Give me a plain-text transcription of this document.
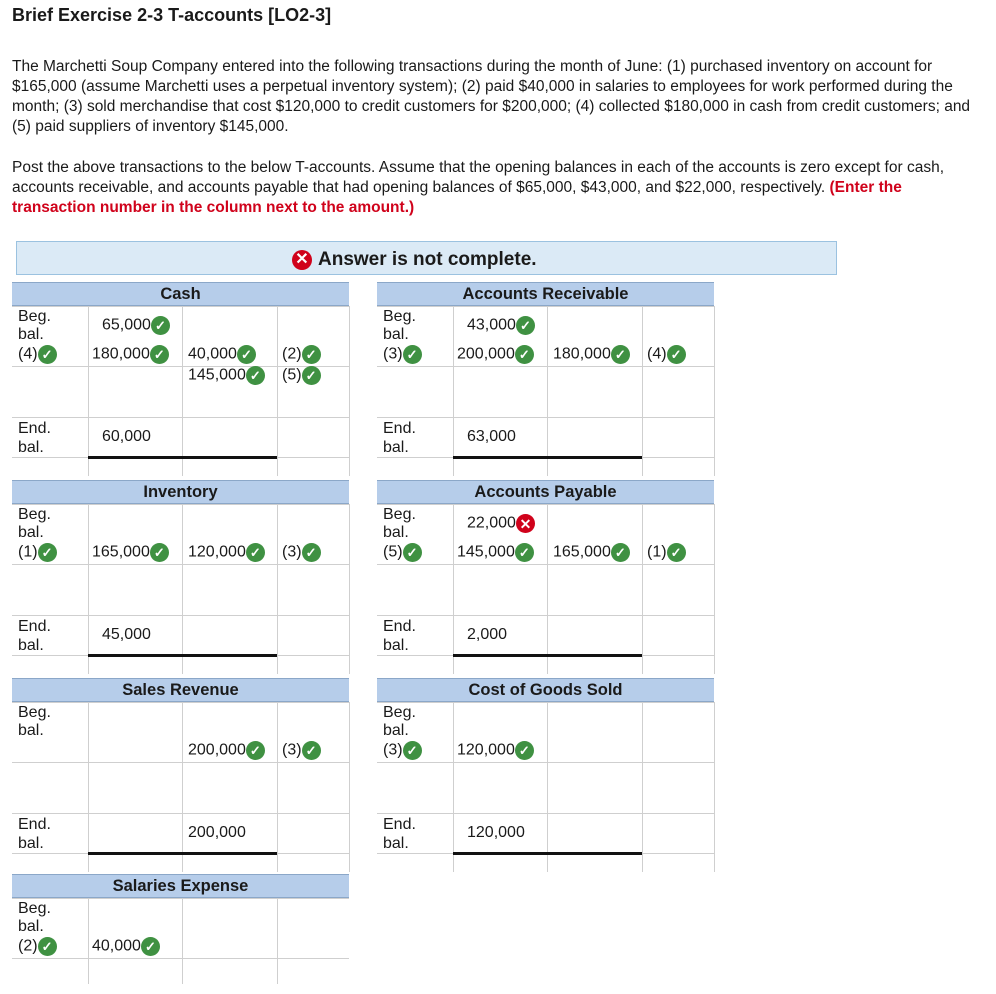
Brief Exercise 2-3 T-accounts [LO2-3]
The Marchetti Soup Company entered into the following transactions during the month of June: (1) purchased inventory on account for $165,000 (assume Marchetti uses a perpetual inventory system); (2) paid $40,000 in salaries to employees for work performed during the month; (3) sold merchandise that cost $120,000 to credit customers for $200,000; (4) collected $180,000 in cash from credit customers; and (5) paid suppliers of inventory $145,000.
Post the above transactions to the below T-accounts. Assume that the opening balances in each of the accounts is zero except for cash, accounts receivable, and accounts payable that had opening balances of $65,000, $43,000, and $22,000, respectively. (Enter the transaction number in the column next to the amount.)
✕ Answer is not complete.
Cash
Beg.
bal.
65,000 ✓
(4) ✓ 180,000 ✓ 40,000 ✓ (2) ✓
145,000 ✓ (5) ✓
End.
bal.
60,000
Accounts Receivable
Beg.
bal.
43,000 ✓
(3) ✓ 200,000 ✓ 180,000 ✓ (4) ✓
End.
bal.
63,000
Inventory
Beg.
bal.
(1) ✓ 165,000 ✓ 120,000 ✓ (3) ✓
End.
bal.
45,000
Accounts Payable
Beg.
bal.
22,000 ✕
(5) ✓ 145,000 ✓ 165,000 ✓ (1) ✓
End.
bal.
2,000
Sales Revenue
Beg.
bal.
200,000 ✓ (3) ✓
End.
bal.
200,000
Cost of Goods Sold
Beg.
bal.
(3) ✓ 120,000 ✓
End.
bal.
120,000
Salaries Expense
Beg.
bal.
(2) ✓ 40,000 ✓
